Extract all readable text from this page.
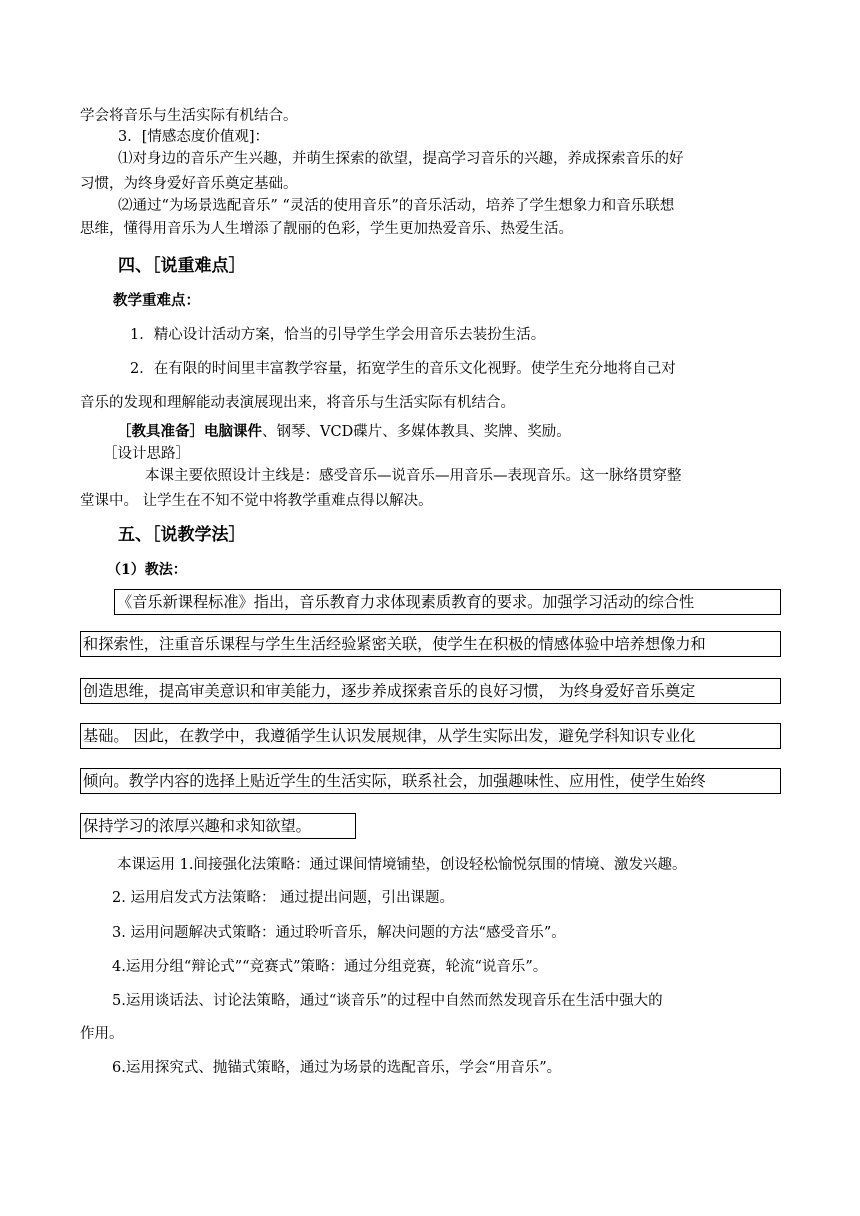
学会将音乐与生活实际有机结合。
3．[情感态度价值观]：
⑴对身边的音乐产生兴趣，并萌生探索的欲望，提高学习音乐的兴趣，养成探索音乐的好
习惯，为终身爱好音乐奠定基础。
⑵通过“为场景选配音乐” “灵活的使用音乐”的音乐活动，培养了学生想象力和音乐联想
思维，懂得用音乐为人生增添了靓丽的色彩，学生更加热爱音乐、热爱生活。
四、［说重难点］
教学重难点：
1．精心设计活动方案，恰当的引导学生学会用音乐去装扮生活。
2．在有限的时间里丰富教学容量，拓宽学生的音乐文化视野。使学生充分地将自己对
音乐的发现和理解能动表演展现出来，将音乐与生活实际有机结合。
［教具准备］电脑课件、钢琴、VCD碟片、多媒体教具、奖牌、奖励。
［设计思路］
本课主要依照设计主线是：感受音乐—说音乐—用音乐—表现音乐。这一脉络贯穿整
堂课中。 让学生在不知不觉中将教学重难点得以解决。
五、［说教学法］
（1）教法：
《音乐新课程标准》指出，音乐教育力求体现素质教育的要求。加强学习活动的综合性
和探索性，注重音乐课程与学生生活经验紧密关联，使学生在积极的情感体验中培养想像力和
创造思维，提高审美意识和审美能力，逐步养成探索音乐的良好习惯， 为终身爱好音乐奠定
基础。 因此，在教学中，我遵循学生认识发展规律，从学生实际出发，避免学科知识专业化
倾向。教学内容的选择上贴近学生的生活实际，联系社会，加强趣味性、应用性，使学生始终
保持学习的浓厚兴趣和求知欲望。
本课运用 1.间接强化法策略：通过课间情境铺垫，创设轻松愉悦氛围的情境、激发兴趣。
2. 运用启发式方法策略： 通过提出问题，引出课题。
3. 运用问题解决式策略：通过聆听音乐，解决问题的方法“感受音乐”。
4.运用分组“辩论式”“竞赛式”策略：通过分组竞赛，轮流“说音乐”。
5.运用谈话法、讨论法策略，通过“谈音乐”的过程中自然而然发现音乐在生活中强大的
作用。
6.运用探究式、抛锚式策略，通过为场景的选配音乐，学会“用音乐”。
